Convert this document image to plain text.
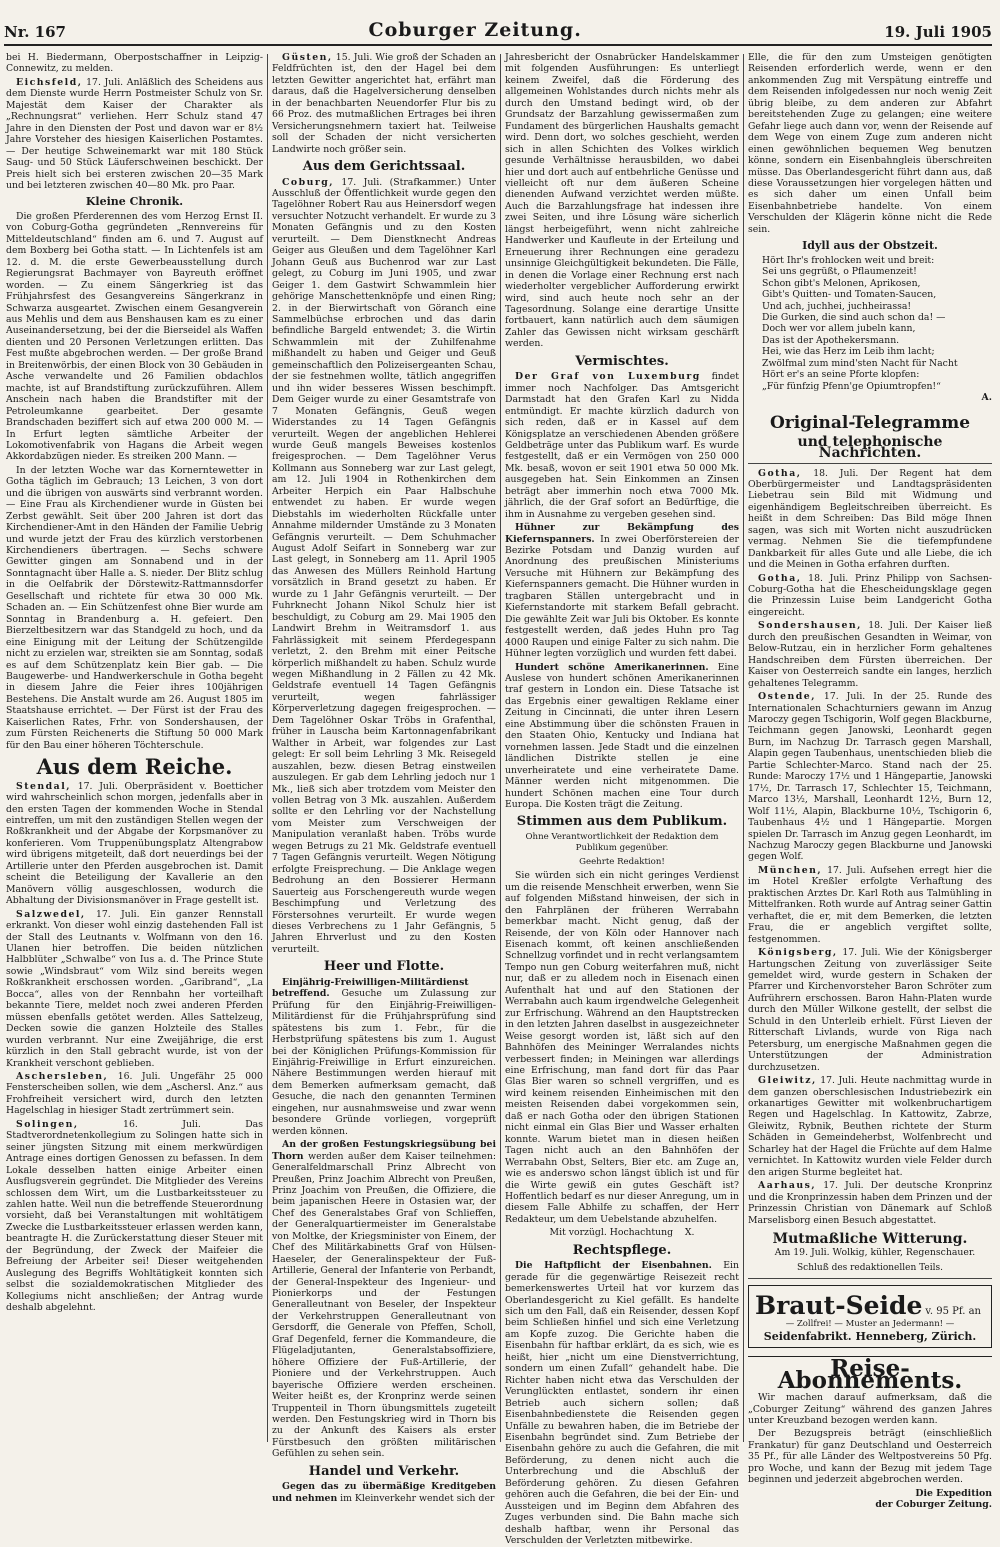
Nr. 167	Coburger Zeitung.	19. Juli 1905

bei H. Biedermann, Oberpostschaffner in Leipzig-Connewitz, zu melden.

Eichsfeld, 17. Juli. Anläßlich des Scheidens aus dem Dienste wurde Herrn Postmeister Schulz von Sr. Majestät dem Kaiser der Charakter als „Rechnungsrat“ verliehen. Herr Schulz stand 47 Jahre in den Diensten der Post und davon war er 8½ Jahre Vorsteher des hiesigen Kaiserlichen Postamtes. — Der heutige Schweinemarkt war mit 180 Stück Saug- und 50 Stück Läuferschweinen beschickt. Der Preis hielt sich bei ersteren zwischen 20—35 Mark und bei letzteren zwischen 40—80 Mk. pro Paar.

Kleine Chronik.

Die großen Pferderennen des vom Herzog Ernst II. von Coburg-Gotha gegründeten „Rennvereins für Mitteldeutschland“ finden am 6. und 7. August auf dem Boxberg bei Gotha statt. — In Lichtenfels ist am 12. d. M. die erste Gewerbeausstellung durch Regierungsrat Bachmayer von Bayreuth eröffnet worden. — Zu einem Sängerkrieg ist das Frühjahrsfest des Gesangvereins Sängerkranz in Schwarza ausgeartet. Zwischen einem Gesangverein aus Mehlis und dem aus Benshausen kam es zu einer Auseinandersetzung, bei der die Bierseidel als Waffen dienten und 20 Personen Verletzungen erlitten. Das Fest mußte abgebrochen werden. — Der große Brand in Breitenwörbis, der einen Block von 30 Gebäuden in Asche verwandelte und 26 Familien obdachlos machte, ist auf Brandstiftung zurückzuführen. Allem Anschein nach haben die Brandstifter mit der Petroleumkanne gearbeitet. Der gesamte Brandschaden beziffert sich auf etwa 200 000 M. — In Erfurt legten sämtliche Arbeiter der Lokomotivenfabrik von Hagans die Arbeit wegen Akkordabzügen nieder. Es streiken 200 Mann. —

In der letzten Woche war das Kornerntewetter in Gotha täglich im Gebrauch; 13 Leichen, 3 von dort und die übrigen von auswärts sind verbrannt worden. — Eine Frau als Kirchendiener wurde in Güsten bei Zerbst gewählt. Seit über 200 Jahren ist dort das Kirchendiener-Amt in den Händen der Familie Uebrig und wurde jetzt der Frau des kürzlich verstorbenen Kirchendieners übertragen. — Sechs schwere Gewitter gingen am Sonnabend und in der Sonntagnacht über Halle a. S. nieder. Der Blitz schlug in die Oelfabrik der Dörstewitz-Rattmannsdorfer Gesellschaft und richtete für etwa 30 000 Mk. Schaden an. — Ein Schützenfest ohne Bier wurde am Sonntag in Brandenburg a. H. gefeiert. Den Bierzeltbesitzern war das Standgeld zu hoch, und da eine Einigung mit der Leitung der Schützengilde nicht zu erzielen war, streikten sie am Sonntag, sodaß es auf dem Schützenplatz kein Bier gab. — Die Baugewerbe- und Handwerkerschule in Gotha begeht in diesem Jahre die Feier ihres 100jährigen Bestehens. Die Anstalt wurde am 26. August 1805 im Staatshause errichtet. — Der Fürst ist der Frau des Kaiserlichen Rates, Frhr. von Sondershausen, der zum Fürsten Reichenerts die Stiftung 50 000 Mark für den Bau einer höheren Töchterschule.

Aus dem Reiche.

Stendal, 17. Juli. Oberpräsident v. Boetticher wird wahrscheinlich schon morgen, jedenfalls aber in den ersten Tagen der kommenden Woche in Stendal eintreffen, um mit den zuständigen Stellen wegen der Roßkrankheit und der Abgabe der Korpsmanöver zu konferieren. Vom Truppenübungsplatz Altengrabow wird übrigens mitgeteilt, daß dort neuerdings bei der Artillerie unter den Pferden ausgebrochen ist. Damit scheint die Beteiligung der Kavallerie an den Manövern völlig ausgeschlossen, wodurch die Abhaltung der Divisionsmanöver in Frage gestellt ist.

Salzwedel, 17. Juli. Ein ganzer Rennstall erkrankt. Von dieser wohl einzig dastehenden Fall ist der Stall des Leutnants v. Wolfmann von den 16. Ulanen hier betroffen. Die beiden nützlichen Halbblüter „Schwalbe“ von Ius a. d. The Prince Stute sowie „Windsbraut“ vom Wilz sind bereits wegen Roßkrankheit erschossen worden. „Garibrand“, „La Bocca“, alles von der Rennbahn her vorteilhaft bekannte Tiere, meldet noch zwei anderen Pferden müssen ebenfalls getötet werden. Alles Sattelzeug, Decken sowie die ganzen Holzteile des Stalles wurden verbrannt. Nur eine Zweijährige, die erst kürzlich in den Stall gebracht wurde, ist von der Krankheit verschont geblieben.

Aschersleben, 16. Juli. Ungefähr 25 000 Fensterscheiben sollen, wie dem „Aschersl. Anz.“ aus Frohfreiheit versichert wird, durch den letzten Hagelschlag in hiesiger Stadt zertrümmert sein.

Solingen,	16. Juli. Das Stadtverordnetenkollegium zu Solingen hatte sich in seiner jüngsten Sitzung mit einem merkwürdigen Antrage eines dortigen Genossen zu befassen. In dem Lokale desselben hatten einige Arbeiter einen Ausflugsverein gegründet. Die Mitglieder des Vereins schlossen dem Wirt, um die Lustbarkeitssteuer zu zahlen hatte. Weil nun die betreffende Steuerordnung vorsieht, daß bei Veranstaltungen mit wohltätigem Zwecke die Lustbarkeitssteuer erlassen werden kann, beantragte H. die Zurückerstattung dieser Steuer mit der Begründung, der Zweck der Maifeier die Befreiung der Arbeiter sei! Dieser weitgehenden Auslegung des Begriffs Wohltätigkeit konnten sich selbst die sozialdemokratischen Mitglieder des Kollegiums nicht anschließen; der Antrag wurde deshalb abgelehnt.

Güsten, 15. Juli. Wie groß der Schaden an Feldfrüchten ist, den der Hagel bei dem letzten Gewitter angerichtet hat, erfährt man daraus, daß die Hagelversicherung denselben in der benachbarten Neuendorfer Flur bis zu 66 Proz. des mutmaßlichen Ertrages bei ihren Versicherungsnehmern taxiert hat. Teilweise soll der Schaden der nicht versicherten Landwirte noch größer sein.

Aus dem Gerichtssaal.

Coburg, 17. Juli. (Strafkammer.) Unter Ausschluß der Öffentlichkeit wurde gegen den Tagelöhner Robert Rau aus Heinersdorf wegen versuchter Notzucht verhandelt. Er wurde zu 3 Monaten Gefängnis und zu den Kosten verurteilt. — Dem Dienstknecht Andreas Geiger aus Gleußen und dem Tagelöhner Karl Johann Geuß aus Buchenrod war zur Last gelegt, zu Coburg im Juni 1905, und zwar Geiger 1. dem Gastwirt Schwammlein hier gehörige Manschettenknöpfe und einen Ring; 2. in der Bierwirtschaft von Göranch eine Sammelbüchse erbrochen und das darin befindliche Bargeld entwendet; 3. die Wirtin Schwammlein mit der Zuhilfenahme mißhandelt zu haben und Geiger und Geuß gemeinschaftlich den Polizeisergeanten Schau, der sie festnehmen wollte, tätlich angegriffen und ihn wider besseres Wissen beschimpft. Dem Geiger wurde zu einer Gesamtstrafe von 7 Monaten Gefängnis, Geuß wegen Widerstandes zu 14 Tagen Gefängnis verurteilt. Wegen der angeblichen Hehlerei wurde Geuß mangels Beweises kostenlos freigesprochen. — Dem Tagelöhner Verus Kollmann aus Sonneberg war zur Last gelegt, am 12. Juli 1904 in Rothenkirchen dem Arbeiter Herpich ein Paar Halbschuhe entwendet zu haben. Er wurde wegen Diebstahls im wiederholten Rückfalle unter Annahme mildernder Umstände zu 3 Monaten Gefängnis verurteilt. — Dem Schuhmacher August Adolf Seifart in Sonneberg war zur Last gelegt, in Sonneberg am 11. April 1905 das Anwesen des Müllers Reinhold Hartung vorsätzlich in Brand gesetzt zu haben. Er wurde zu 1 Jahr Gefängnis verurteilt. — Der Fuhrknecht Johann Nikol Schulz hier ist beschuldigt, zu Coburg am 29. Mai 1905 den Landwirt Brehm in Weitramsdorf 1. aus Fahrlässigkeit mit seinem Pferdegespann verletzt, 2. den Brehm mit einer Peitsche körperlich mißhandelt zu haben. Schulz wurde wegen Mißhandlung in 2 Fällen zu 42 Mk. Geldstrafe eventuell 14 Tagen Gefängnis verurteilt, wegen fahrlässiger Körperverletzung dagegen freigesprochen. — Dem Tagelöhner Oskar Tröbs in Grafenthal, früher in Lauscha beim Kartonnagenfabrikant Walther in Arbeit, war folgendes zur Last gelegt: Er soll beim Lehrling 3 Mk. Reisegeld auszahlen, bezw. diesen Betrag einstweilen auszulegen. Er gab dem Lehrling jedoch nur 1 Mk., ließ sich aber trotzdem vom Meister den vollen Betrag von 3 Mk. auszahlen. Außerdem sollte er den Lehrling vor der Nachstellung vom Meister zum Verschweigen der Manipulation veranlaßt haben. Tröbs wurde wegen Betrugs zu 21 Mk. Geldstrafe eventuell 7 Tagen Gefängnis verurteilt. Wegen Nötigung erfolgte Freisprechung. — Die Anklage wegen Bedrohung an den Bossierer Hermann Sauerteig aus Forschengereuth wurde wegen Beschimpfung und Verletzung des Förstersohnes verurteilt. Er wurde wegen dieses Verbrechens zu 1 Jahr Gefängnis, 5 Jahren Ehrverlust und zu den Kosten verurteilt.

Heer und Flotte.

Einjährig-Freiwilligen-Militärdienst betreffend. Gesuche um Zulassung zur Prüfung für den Einjährig-Freiwilligen-Militärdienst für die Frühjahrsprüfung sind spätestens bis zum 1. Febr., für die Herbstprüfung spätestens bis zum 1. August bei der Königlichen Prüfungs-Kommission für Einjährig-Freiwillige in Erfurt einzureichen. Nähere Bestimmungen werden hierauf mit dem Bemerken aufmerksam gemacht, daß Gesuche, die nach den genannten Terminen eingehen, nur ausnahmsweise und zwar wenn besondere Gründe vorliegen, vorgeprüft werden können.

An der großen Festungskriegsübung bei Thorn werden außer dem Kaiser teilnehmen: Generalfeldmarschall Prinz Albrecht von Preußen, Prinz Joachim Albrecht von Preußen, Prinz Joachim von Preußen, die Offiziere, die beim japanischen Heere in Ostasien war, der Chef des Generalstabes Graf von Schlieffen, der Generalquartiermeister im Generalstabe von Moltke, der Kriegsminister von Einem, der Chef des Militärkabinetts Graf von Hülsen-Haeseler, der Generalinspekteur der Fuß-Artillerie, General der Infanterie von Perbandt, der General-Inspekteur des Ingenieur- und Pionierkorps und der Festungen Generalleutnant von Beseler, der Inspekteur der Verkehrstruppen Generalleutnant von Gersdorff, die Generale von Pfeffen, Scholl, Graf Degenfeld, ferner die Kommandeure, die Flügeladjutanten, Generalstabsoffiziere, höhere Offiziere der Fuß-Artillerie, der Pioniere und der Verkehrstruppen. Auch bayerische Offiziere werden erscheinen. Weiter heißt es, der Kronprinz werde seinen Truppenteil in Thorn übungsmittels zugeteilt werden. Den Festungskrieg wird in Thorn bis zu der Ankunft des Kaisers als erster Fürstbesuch den größten militärischen Gefühlen zu sehen sein.

Handel und Verkehr.

Gegen das zu übermäßige Kreditgeben und nehmen im Kleinverkehr wendet sich der

Jahresbericht der Osnabrücker Handelskammer mit folgenden Ausführungen: Es unterliegt keinem Zweifel, daß die Förderung des allgemeinen Wohlstandes durch nichts mehr als durch den Umstand bedingt wird, ob der Grundsatz der Barzahlung gewissermaßen zum Fundament des bürgerlichen Haushalts gemacht wird. Denn dort, wo solches geschieht, werden sich in allen Schichten des Volkes wirklich gesunde Verhältnisse herausbilden, wo dabei hier und dort auch auf entbehrliche Genüsse und vielleicht oft nur dem äußeren Scheine dienenden Aufwand verzichtet werden müßte. Auch die Barzahlungsfrage hat indessen ihre zwei Seiten, und ihre Lösung wäre sicherlich längst herbeigeführt, wenn nicht zahlreiche Handwerker und Kaufleute in der Erteilung und Erneuerung ihrer Rechnungen eine geradezu unsinnige Gleichgültigkeit bekundeten. Die Fälle, in denen die Vorlage einer Rechnung erst nach wiederholter vergeblicher Aufforderung erwirkt wird, sind auch heute noch sehr an der Tagesordnung. Solange eine derartige Unsitte fortbauert, kann natürlich auch dem säumigen Zahler das Gewissen nicht wirksam geschärft werden.

Vermischtes.

Der Graf von Luxemburg findet immer noch Nachfolger. Das Amtsgericht Darmstadt hat den Grafen Karl zu Nidda entmündigt. Er machte kürzlich dadurch von sich reden, daß er in Kassel auf dem Königsplatze an verschiedenen Abenden größere Geldbeträge unter das Publikum warf. Es wurde festgestellt, daß er ein Vermögen von 250 000 Mk. besaß, wovon er seit 1901 etwa 50 000 Mk. ausgegeben hat. Sein Einkommen an Zinsen beträgt aber immerhin noch etwa 7000 Mk. jährlich, die der Graf sofort an Bedürftige, die ihm in Ausnahme zu vergeben gesehen sind.

Hühner zur Bekämpfung des Kiefernspanners. In zwei Oberförstereien der Bezirke Potsdam und Danzig wurden auf Anordnung des preußischen Ministeriums Versuche mit Hühnern zur Bekämpfung des Kiefernspanners gemacht. Die Hühner wurden in tragbaren Ställen untergebracht und in Kiefernstandorte mit starkem Befall gebracht. Die gewählte Zeit war Juli bis Oktober. Es konnte festgestellt werden, daß jedes Huhn pro Tag 4000 Raupen und einige Falter zu sich nahm. Die Hühner legten vorzüglich und wurden fett dabei.

Hundert schöne Amerikanerinnen. Eine Auslese von hundert schönen Amerikanerinnen traf gestern in London ein. Diese Tatsache ist das Ergebnis einer gewaltigen Reklame einer Zeitung in Cincinnati, die unter ihren Lesern eine Abstimmung über die schönsten Frauen in den Staaten Ohio, Kentucky und Indiana hat vornehmen lassen. Jede Stadt und die einzelnen ländlichen Distrikte stellen je eine unverheiratete und eine verheiratete Dame. Männer werden nicht mitgenommen. Die hundert Schönen machen eine Tour durch Europa. Die Kosten trägt die Zeitung.

Stimmen aus dem Publikum.
Ohne Verantwortlichkeit der Redaktion dem Publikum gegenüber.
Geehrte Redaktion!

Sie würden sich ein nicht geringes Verdienst um die reisende Menschheit erwerben, wenn Sie auf folgenden Mißstand hinweisen, der sich in den Fahrplänen der früheren Werrabahn bemerkbar macht. Nicht genug, daß der Reisende, der von Köln oder Hannover nach Eisenach kommt, oft keinen anschließenden Schnellzug vorfindet und in recht verlangsamtem Tempo nun gen Coburg weiterfahren muß, nicht nur, daß er zu alledem noch in Eisenach einen Aufenthalt hat und auf den Stationen der Werrabahn auch kaum irgendwelche Gelegenheit zur Erfrischung. Während an den Hauptstrecken in den letzten Jahren daselbst in ausgezeichneter Weise gesorgt worden ist, läßt sich auf den Bahnhöfen des Meininger Werralandes nichts verbessert finden; in Meiningen war allerdings eine Erfrischung, man fand dort für das Paar Glas Bier waren so schnell vergriffen, und es wird keinem reisenden Einheimischen mit den meisten Reisenden dabei vorgekommen sein, daß er nach Gotha oder den übrigen Stationen nicht einmal ein Glas Bier und Wasser erhalten konnte. Warum bietet man in diesen heißen Tagen nicht auch an den Bahnhöfen der Werrabahn Obst, Selters, Bier etc. am Zuge an, wie es anderswo schon längst üblich ist und für die Wirte gewiß ein gutes Geschäft ist? Hoffentlich bedarf es nur dieser Anregung, um in diesem Falle Abhilfe zu schaffen, der Herr Redakteur, um dem Uebelstande abzuhelfen.

Mit vorzügl. Hochachtung X.

Rechtspflege.

Die Haftpflicht der Eisenbahnen. Ein gerade für die gegenwärtige Reisezeit recht bemerkenswertes Urteil hat vor kurzem das Oberlandesgericht zu Kiel gefällt. Es handelte sich um den Fall, daß ein Reisender, dessen Kopf beim Schließen hinfiel und sich eine Verletzung am Kopfe zuzog. Die Gerichte haben die Eisenbahn für haftbar erklärt, da es sich, wie es heißt, hier „nicht um eine Dienstverrichtung, sondern um einen Zufall“ gehandelt habe. Die Richter haben nicht etwa das Verschulden der Verunglückten entlastet, sondern ihr einen Betrieb auch sichern sollen; daß Eisenbahnbedienstete die Reisenden gegen Unfälle zu bewahren haben, die im Betriebe der Eisenbahn begründet sind. Zum Betriebe der Eisenbahn gehöre zu auch die Gefahren, die mit Beförderung, zu denen nicht auch die Unterbrechung und die Abschluß der Beförderung gehören. Zu diesen Gefahren gehören auch die Gefahren, die bei der Ein- und Aussteigen und im Beginn dem Abfahren des Zuges verbunden sind. Die Bahn mache sich deshalb haftbar, wenn ihr Personal das Verschulden der Verletzten mitbewirke.

Elle, die für den zum Umsteigen genötigten Reisenden erforderlich werde, wenn er den ankommenden Zug mit Verspätung eintreffe und dem Reisenden infolgedessen nur noch wenig Zeit übrig bleibe, zu dem anderen zur Abfahrt bereitstehenden Zuge zu gelangen; eine weitere Gefahr liege auch dann vor, wenn der Reisende auf dem Wege von einem Zuge zum anderen nicht einen gewöhnlichen bequemen Weg benutzen könne, sondern ein Eisenbahngleis überschreiten müsse. Das Oberlandesgericht führt dann aus, daß diese Voraussetzungen hier vorgelegen hätten und es sich daher um einen Unfall beim Eisenbahnbetriebe handelte. Von einem Verschulden der Klägerin könne nicht die Rede sein.

Idyll aus der Obstzeit.
Hört Ihr's frohlocken weit und breit:
Sei uns gegrüßt, o Pflaumenzeit!
Schon gibt's Melonen, Aprikosen,
Gibt's Quitten- und Tomaten-Saucen,
Und ach, juchhei, juchheirassa!
Die Gurken, die sind auch schon da! —
Doch wer vor allem jubeln kann,
Das ist der Apothekersmann.
Hei, wie das Herz im Leib ihm lacht;
Zwölfmal zum mind'sten Nacht für Nacht
Hört er's an seine Pforte klopfen:
„Für fünfzig Pfenn'ge Opiumtropfen!“
A.
Original-Telegramme
und telephonische Nachrichten.

Gotha, 18. Juli. Der Regent hat dem Oberbürgermeister und Landtagspräsidenten Liebetrau sein Bild mit Widmung und eigenhändigem Begleitschreiben überreicht. Es heißt in dem Schreiben: Das Bild möge Ihnen sagen, was sich mit Worten nicht auszudrücken vermag. Nehmen Sie die tiefempfundene Dankbarkeit für alles Gute und alle Liebe, die ich und die Meinen in Gotha erfahren durften.

Gotha, 18. Juli. Prinz Philipp von Sachsen-Coburg-Gotha hat die Ehescheidungsklage gegen die Prinzessin Luise beim Landgericht Gotha eingereicht.

Sondershausen, 18. Juli. Der Kaiser ließ durch den preußischen Gesandten in Weimar, von Below-Rutzau, ein in herzlicher Form gehaltenes Handschreiben dem Fürsten überreichen. Der Kaiser von Oesterreich sandte ein langes, herzlich gehaltenes Telegramm.

Ostende, 17. Juli. In der 25. Runde des Internationalen Schachturniers gewann im Anzug Maroczy gegen Tschigorin, Wolf gegen Blackburne, Teichmann gegen Janowski, Leonhardt gegen Burn, im Nachzug Dr. Tarrasch gegen Marshall, Alapin gegen Taubenhaus, unentschieden blieb die Partie Schlechter-Marco. Stand nach der 25. Runde: Maroczy 17½ und 1 Hängepartie, Janowski 17½, Dr. Tarrasch 17, Schlechter 15, Teichmann, Marco 13½, Marshall, Leonhardt 12½, Burn 12, Wolf 11½, Alapin, Blackburne 10½, Tschigorin 6, Taubenhaus 4½ und 1 Hängepartie. Morgen spielen Dr. Tarrasch im Anzug gegen Leonhardt, im Nachzug Maroczy gegen Blackburne und Janowski gegen Wolf.

München, 17. Juli. Aufsehen erregt hier die im Hotel Kreßler erfolgte Verhaftung des praktischen Arztes Dr. Karl Roth aus Talmühling in Mittelfranken. Roth wurde auf Antrag seiner Gattin verhaftet, die er, mit dem Bemerken, die letzten Frau, die er angeblich vergiftet sollte, festgenommen.

Königsberg, 17. Juli. Wie der Königsberger Hartungschen Zeitung von zuverlässiger Seite gemeldet wird, wurde gestern in Schaken der Pfarrer und Kirchenvorsteher Baron Schröter zum Aufrührern erschossen. Baron Hahn-Platen wurde durch den Müller Wilkone gestellt, der selbst die Schuld in den Unterleib erhielt. Fürst Lieven der Ritterschaft Livlands, wurde von Riga nach Petersburg, um energische Maßnahmen gegen die Unterstützungen der Administration durchzusetzen.

Gleiwitz, 17. Juli. Heute nachmittag wurde in dem ganzen oberschlesischen Industriebezirk ein orkanartiges Gewitter mit wolkenbruchartigem Regen und Hagelschlag. In Kattowitz, Zabrze, Gleiwitz, Rybnik, Beuthen richtete der Sturm Schäden in Gemeindeherbst, Wolfenbrecht und Scharley hat der Hagel die Früchte auf dem Halme vernichtet. In Kattowitz wurden viele Felder durch den arigen Sturme begleitet hat.

Aarhaus, 17. Juli. Der deutsche Kronprinz und die Kronprinzessin haben dem Prinzen und der Prinzessin Christian von Dänemark auf Schloß Marselisborg einen Besuch abgestattet.

Mutmaßliche Witterung.

Am 19. Juli. Wolkig, kühler, Regenschauer.

Schluß des redaktionellen Teils.
Braut-Seide v. 95 Pf. an
— Zollfrei! — Muster an Jedermann! —
Seidenfabrikt. Henneberg, Zürich.
Reise-Abonnements.

Wir machen darauf aufmerksam, daß die „Coburger Zeitung“ während des ganzen Jahres unter Kreuzband bezogen werden kann.

Der Bezugspreis beträgt (einschließlich Frankatur) für ganz Deutschland und Oesterreich 35 Pf., für alle Länder des Weltpostvereins 50 Pfg. pro Woche, und kann der Bezug mit jedem Tage beginnen und jederzeit abgebrochen werden.

Die Expedition
der Coburger Zeitung.
